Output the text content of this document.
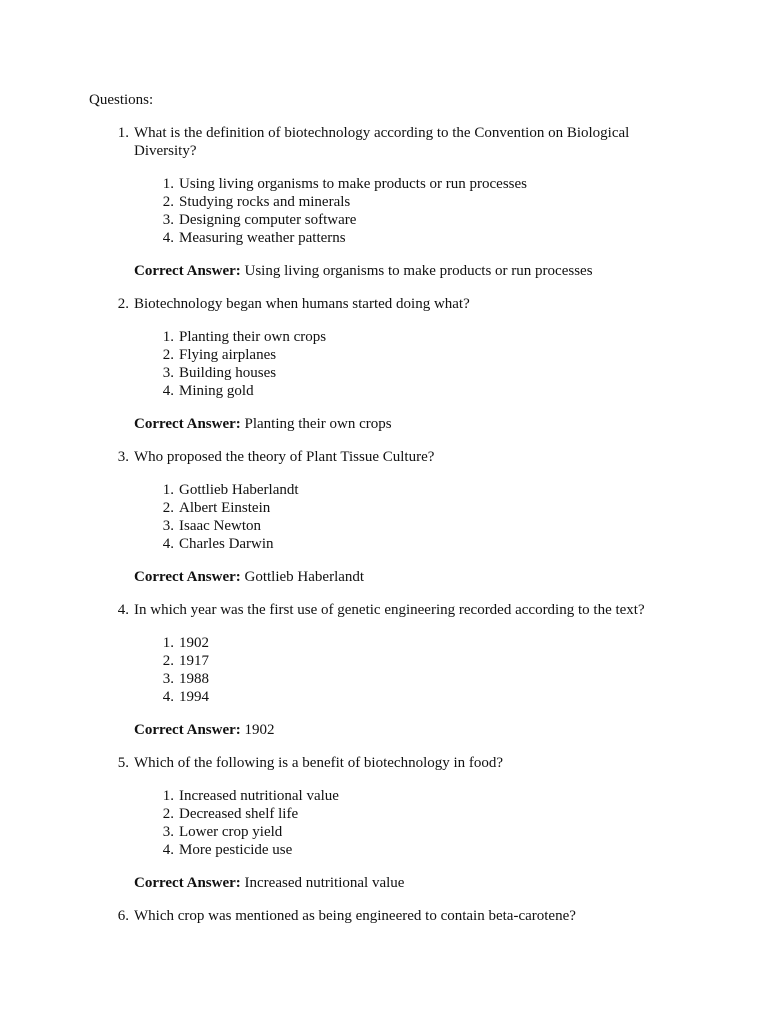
Questions:
1. What is the definition of biotechnology according to the Convention on Biological Diversity?
1. Using living organisms to make products or run processes
2. Studying rocks and minerals
3. Designing computer software
4. Measuring weather patterns
Correct Answer: Using living organisms to make products or run processes
2. Biotechnology began when humans started doing what?
1. Planting their own crops
2. Flying airplanes
3. Building houses
4. Mining gold
Correct Answer: Planting their own crops
3. Who proposed the theory of Plant Tissue Culture?
1. Gottlieb Haberlandt
2. Albert Einstein
3. Isaac Newton
4. Charles Darwin
Correct Answer: Gottlieb Haberlandt
4. In which year was the first use of genetic engineering recorded according to the text?
1. 1902
2. 1917
3. 1988
4. 1994
Correct Answer: 1902
5. Which of the following is a benefit of biotechnology in food?
1. Increased nutritional value
2. Decreased shelf life
3. Lower crop yield
4. More pesticide use
Correct Answer: Increased nutritional value
6. Which crop was mentioned as being engineered to contain beta-carotene?
